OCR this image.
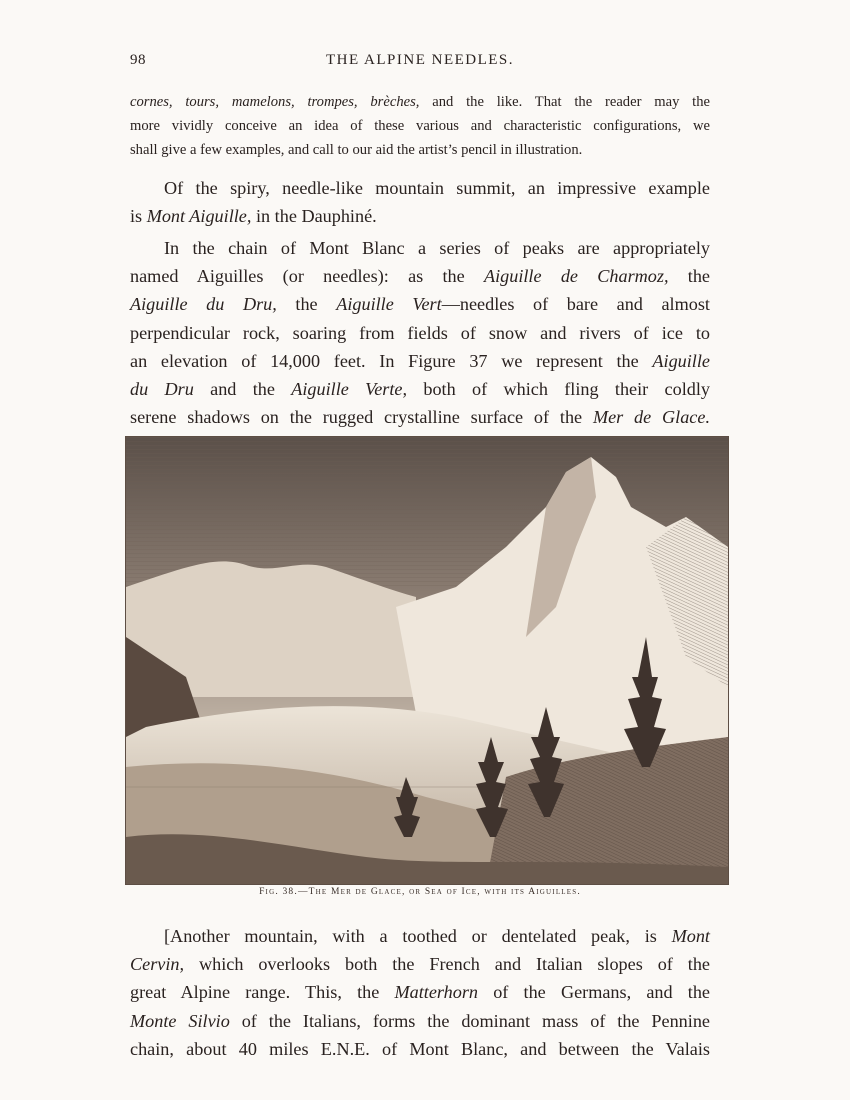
98	THE ALPINE NEEDLES.
cornes, tours, mamelons, trompes, brèches, and the like. That the reader may the
more vividly conceive an idea of these various and characteristic configurations, we
shall give a few examples, and call to our aid the artist’s pencil in illustration.
Of the spiry, needle-like mountain summit, an impressive example
is Mont Aiguille, in the Dauphiné.
In the chain of Mont Blanc a series of peaks are appropriately
named Aiguilles (or needles): as the Aiguille de Charmoz, the
Aiguille du Dru, the Aiguille Vert—needles of bare and almost
perpendicular rock, soaring from fields of snow and rivers of ice to
an elevation of 14,000 feet. In Figure 37 we represent the Aiguille
du Dru and the Aiguille Verte, both of which fling their coldly
serene shadows on the rugged crystalline surface of the Mer de Glace.
Fig. 38.—The Mer de Glace, or Sea of Ice, with its Aiguilles.
[Another mountain, with a toothed or dentelated peak, is Mont
Cervin, which overlooks both the French and Italian slopes of the
great Alpine range. This, the Matterhorn of the Germans, and the
Monte Silvio of the Italians, forms the dominant mass of the Pennine
chain, about 40 miles E.N.E. of Mont Blanc, and between the Valais
